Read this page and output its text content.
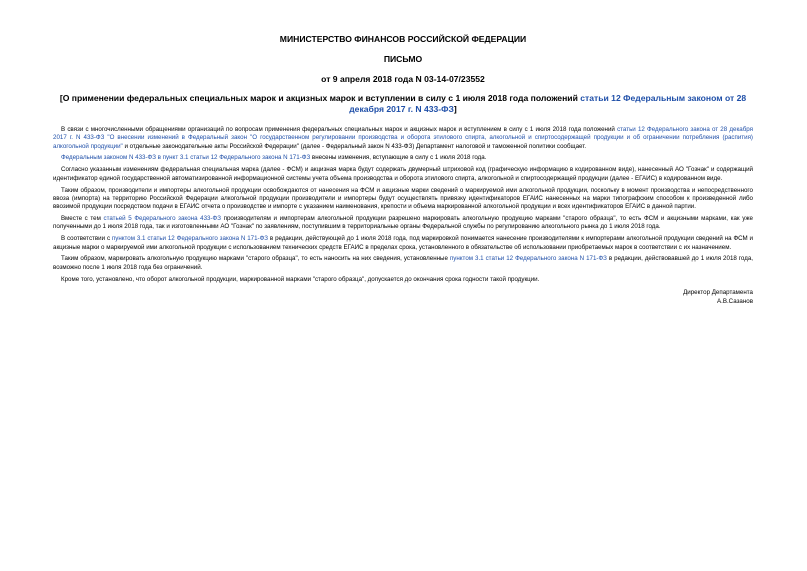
МИНИСТЕРСТВО ФИНАНСОВ РОССИЙСКОЙ ФЕДЕРАЦИИ
ПИСЬМО
от 9 апреля 2018 года N 03-14-07/23552
[О применении федеральных специальных марок и акцизных марок и вступлении в силу с 1 июля 2018 года положений статьи 12 Федеральным законом от 28 декабря 2017 г. N 433-ФЗ]

В связи с многочисленными обращениями организаций по вопросам применения федеральных специальных марок и акцизных марок и вступлением в силу с 1 июля 2018 года положений статьи 12 Федерального закона от 28 декабря 2017 г. N 433-ФЗ "О внесении изменений в Федеральный закон "О государственном регулировании производства и оборота этилового спирта, алкогольной и спиртосодержащей продукции и об ограничении потребления (распития) алкогольной продукции" и отдельные законодательные акты Российской Федерации" (далее - Федеральный закон N 433-ФЗ) Департамент налоговой и таможенной политики сообщает.

Федеральным законом N 433-ФЗ в пункт 3.1 статьи 12 Федерального закона N 171-ФЗ внесены изменения, вступающие в силу с 1 июля 2018 года.

Согласно указанным изменениям федеральная специальная марка (далее - ФСМ) и акцизная марка будут содержать двумерный штриховой код (графическую информацию в кодированном виде), нанесенный АО "Гознак" и содержащий идентификатор единой государственной автоматизированной информационной системы учета объема производства и оборота этилового спирта, алкогольной и спиртосодержащей продукции (далее - ЕГАИС) в кодированном виде.

Таким образом, производители и импортеры алкогольной продукции освобождаются от нанесения на ФСМ и акцизные марки сведений о маркируемой ими алкогольной продукции, поскольку в момент производства и непосредственного ввоза (импорта) на территорию Российской Федерации алкогольной продукции производители и импортеры будут осуществлять привязку идентификаторов ЕГАИС нанесенных на марки типографским способом к произведенной либо ввозимой продукции посредством подачи в ЕГАИС отчета о производстве и импорте с указанием наименования, крепости и объема маркированной алкогольной продукции и всех идентификаторов ЕГАИС в данной партии.

Вместе с тем статьей 5 Федерального закона 433-ФЗ производителям и импортерам алкогольной продукции разрешено маркировать алкогольную продукцию марками "старого образца", то есть ФСМ и акцизными марками, как уже полученными до 1 июля 2018 года, так и изготовленными АО "Гознак" по заявлениям, поступившим в территориальные органы Федеральной службы по регулированию алкогольного рынка до 1 июля 2018 года.

В соответствии с пунктом 3.1 статьи 12 Федерального закона N 171-ФЗ в редакции, действующей до 1 июля 2018 года, под маркировкой понимается нанесение производителями к импортерами алкогольной продукции сведений на ФСМ и акцизные марки о маркируемой ими алкогольной продукции с использованием технических средств ЕГАИС в пределах срока, установленного в обязательстве об использовании приобретаемых марок в соответствии с их назначением.

Таким образом, маркировать алкогольную продукцию марками "старого образца", то есть наносить на них сведения, установленные пунктом 3.1 статьи 12 Федерального закона N 171-ФЗ в редакции, действовавшей до 1 июля 2018 года, возможно после 1 июля 2018 года без ограничений.

Кроме того, установлено, что оборот алкогольной продукции, маркированной марками "старого образца", допускается до окончания срока годности такой продукции.

Директор Департамента
А.В.Сазанов
